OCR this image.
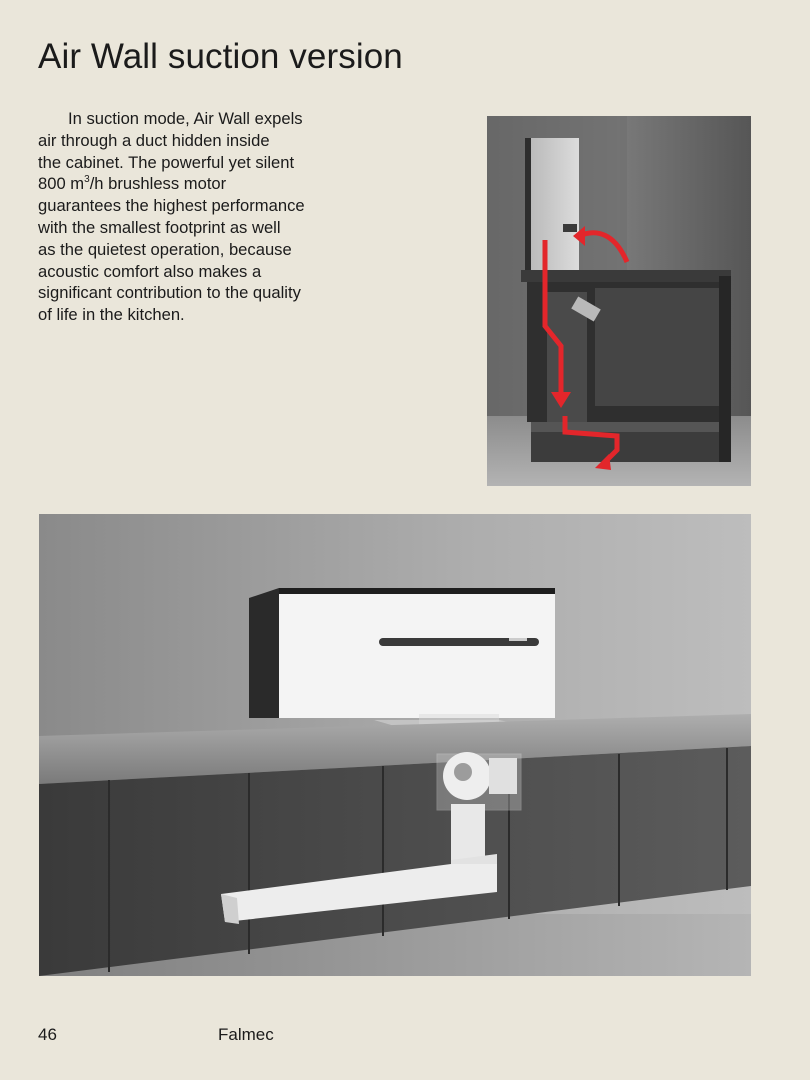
Air Wall suction version

In suction mode, Air Wall expels
air through a duct hidden inside
the cabinet. The powerful yet silent
800 $m^3/h$ brushless motor
guarantees the highest performance
with the smallest footprint as well
as the quietest operation, because
acoustic comfort also makes a
significant contribution to the quality
of life in the kitchen.

46	Falmec
